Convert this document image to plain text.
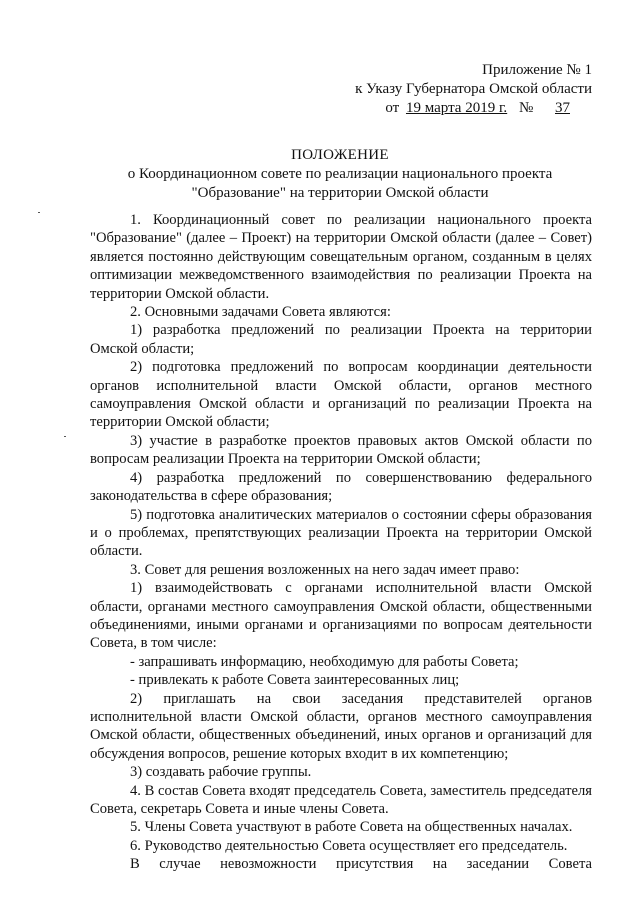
Приложение № 1
к Указу Губернатора Омской области
от 19 марта 2019 г. № 37
ПОЛОЖЕНИЕ
о Координационном совете по реализации национального проекта
"Образование" на территории Омской области

1. Координационный совет по реализации национального проекта "Образование" (далее – Проект) на территории Омской области (далее – Совет) является постоянно действующим совещательным органом, созданным в целях оптимизации межведомственного взаимодействия по реализации Проекта на территории Омской области.

2. Основными задачами Совета являются:

1) разработка предложений по реализации Проекта на территории Омской области;

2) подготовка предложений по вопросам координации деятельности органов исполнительной власти Омской области, органов местного самоуправления Омской области и организаций по реализации Проекта на территории Омской области;

3) участие в разработке проектов правовых актов Омской области по вопросам реализации Проекта на территории Омской области;

4) разработка предложений по совершенствованию федерального законодательства в сфере образования;

5) подготовка аналитических материалов о состоянии сферы образования и о проблемах, препятствующих реализации Проекта на территории Омской области.

3. Совет для решения возложенных на него задач имеет право:

1) взаимодействовать с органами исполнительной власти Омской области, органами местного самоуправления Омской области, общественными объединениями, иными органами и организациями по вопросам деятельности Совета, в том числе:

- запрашивать информацию, необходимую для работы Совета;

- привлекать к работе Совета заинтересованных лиц;

2) приглашать на свои заседания представителей органов исполнительной власти Омской области, органов местного самоуправления Омской области, общественных объединений, иных органов и организаций для обсуждения вопросов, решение которых входит в их компетенцию;

3) создавать рабочие группы.

4. В состав Совета входят председатель Совета, заместитель председателя Совета, секретарь Совета и иные члены Совета.

5. Члены Совета участвуют в работе Совета на общественных началах.

6. Руководство деятельностью Совета осуществляет его председатель.

В случае невозможности присутствия на заседании Совета
